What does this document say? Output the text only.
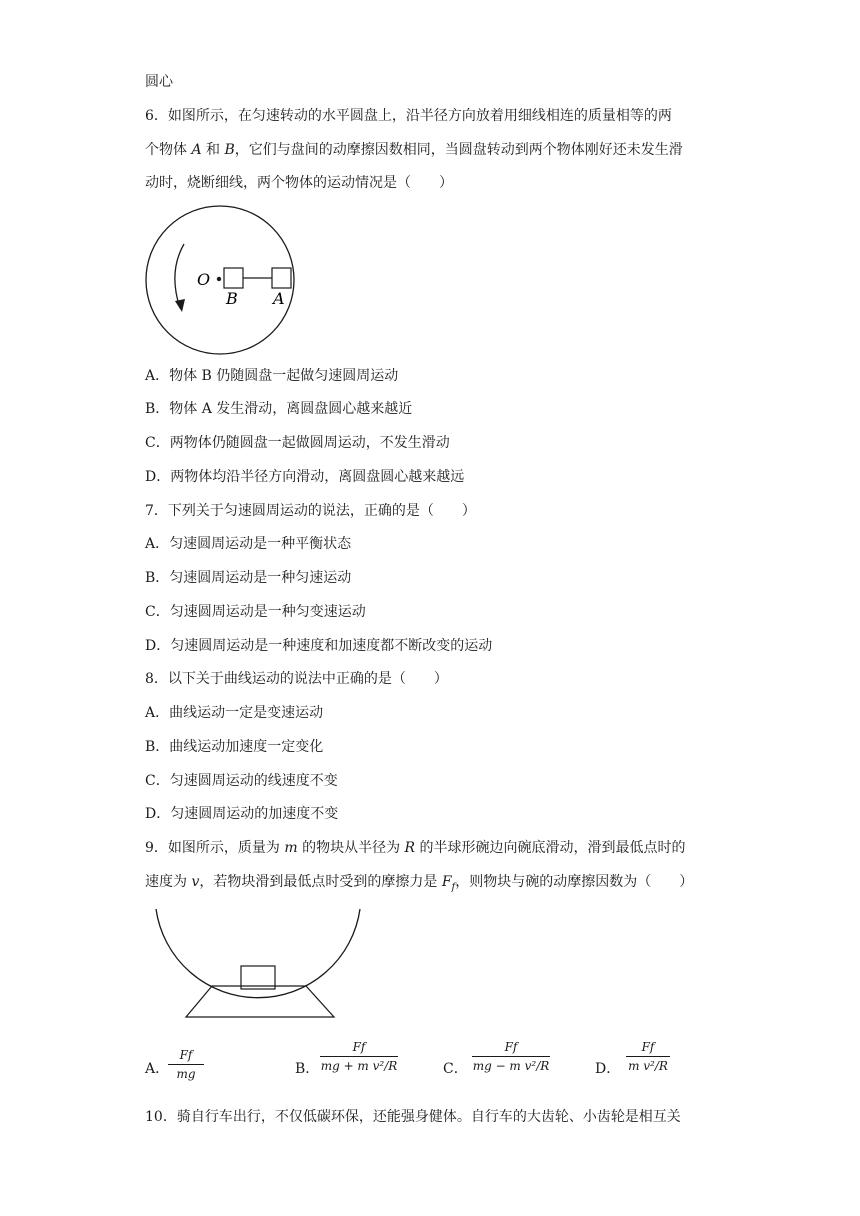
圆心
6．如图所示，在匀速转动的水平圆盘上，沿半径方向放着用细线相连的质量相等的两
个物体 A 和 B，它们与盘间的动摩擦因数相同，当圆盘转动到两个物体刚好还未发生滑
动时，烧断细线，两个物体的运动情况是（　　）
O
B A
A．物体 B 仍随圆盘一起做匀速圆周运动
B．物体 A 发生滑动，离圆盘圆心越来越近
C．两物体仍随圆盘一起做圆周运动，不发生滑动
D．两物体均沿半径方向滑动，离圆盘圆心越来越远
7．下列关于匀速圆周运动的说法，正确的是（　　）
A．匀速圆周运动是一种平衡状态
B．匀速圆周运动是一种匀速运动
C．匀速圆周运动是一种匀变速运动
D．匀速圆周运动是一种速度和加速度都不断改变的运动
8．以下关于曲线运动的说法中正确的是（　　）
A．曲线运动一定是变速运动
B．曲线运动加速度一定变化
C．匀速圆周运动的线速度不变
D．匀速圆周运动的加速度不变
9．如图所示，质量为 m 的物块从半径为 R 的半球形碗边向碗底滑动，滑到最低点时的
速度为 v，若物块滑到最低点时受到的摩擦力是 $F_f$，则物块与碗的动摩擦因数为（　　）
A．
Ff
mg	B．
Ff
mg + m v²/R	C．
Ff
mg − m v²/R	D．
Ff
m v²/R
10．骑自行车出行，不仅低碳环保，还能强身健体。自行车的大齿轮、小齿轮是相互关
